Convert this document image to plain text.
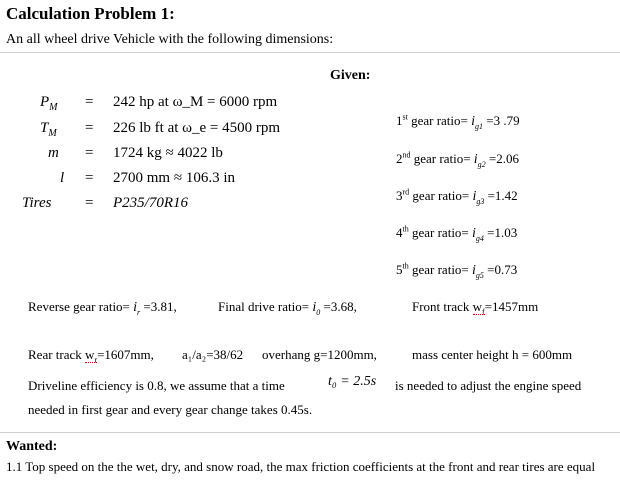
Calculation Problem 1:
An all wheel drive Vehicle with the following dimensions:
Given:
$P_M = 242$ hp at ω_M = 6000 rpm
$T_M = 226$ lb ft at ω_e = 4500 rpm
m = 1724 kg ≈ 4022 lb
l = 2700 mm ≈ 106.3 in
Tires = P235/70R16
1st gear ratio= $i_{g1} =3$ .79
2nd gear ratio= $i_{g2} =2.06$
3rd gear ratio= $i_{g3} =1.42$
4th gear ratio= $i_{g4} =1.03$
5th gear ratio= $i_{g5} =0.73$
Reverse gear ratio= $i_r =3.81$,	Final drive ratio= $i_0 =3.68$,	Front track $w_f=1457mm$
Rear track $w_r=1607mm$, a₁/a₂=38/62 overhang g=1200mm,	mass center height h = 600mm
Driveline efficiency is 0.8, we assume that a time	t₀ = 2.5s is needed to adjust the engine speed
needed in first gear and every gear change takes 0.45s.
Wanted:
1.1 Top speed on the the wet, dry, and snow road, the max friction coefficients at the front and rear tires are equal
